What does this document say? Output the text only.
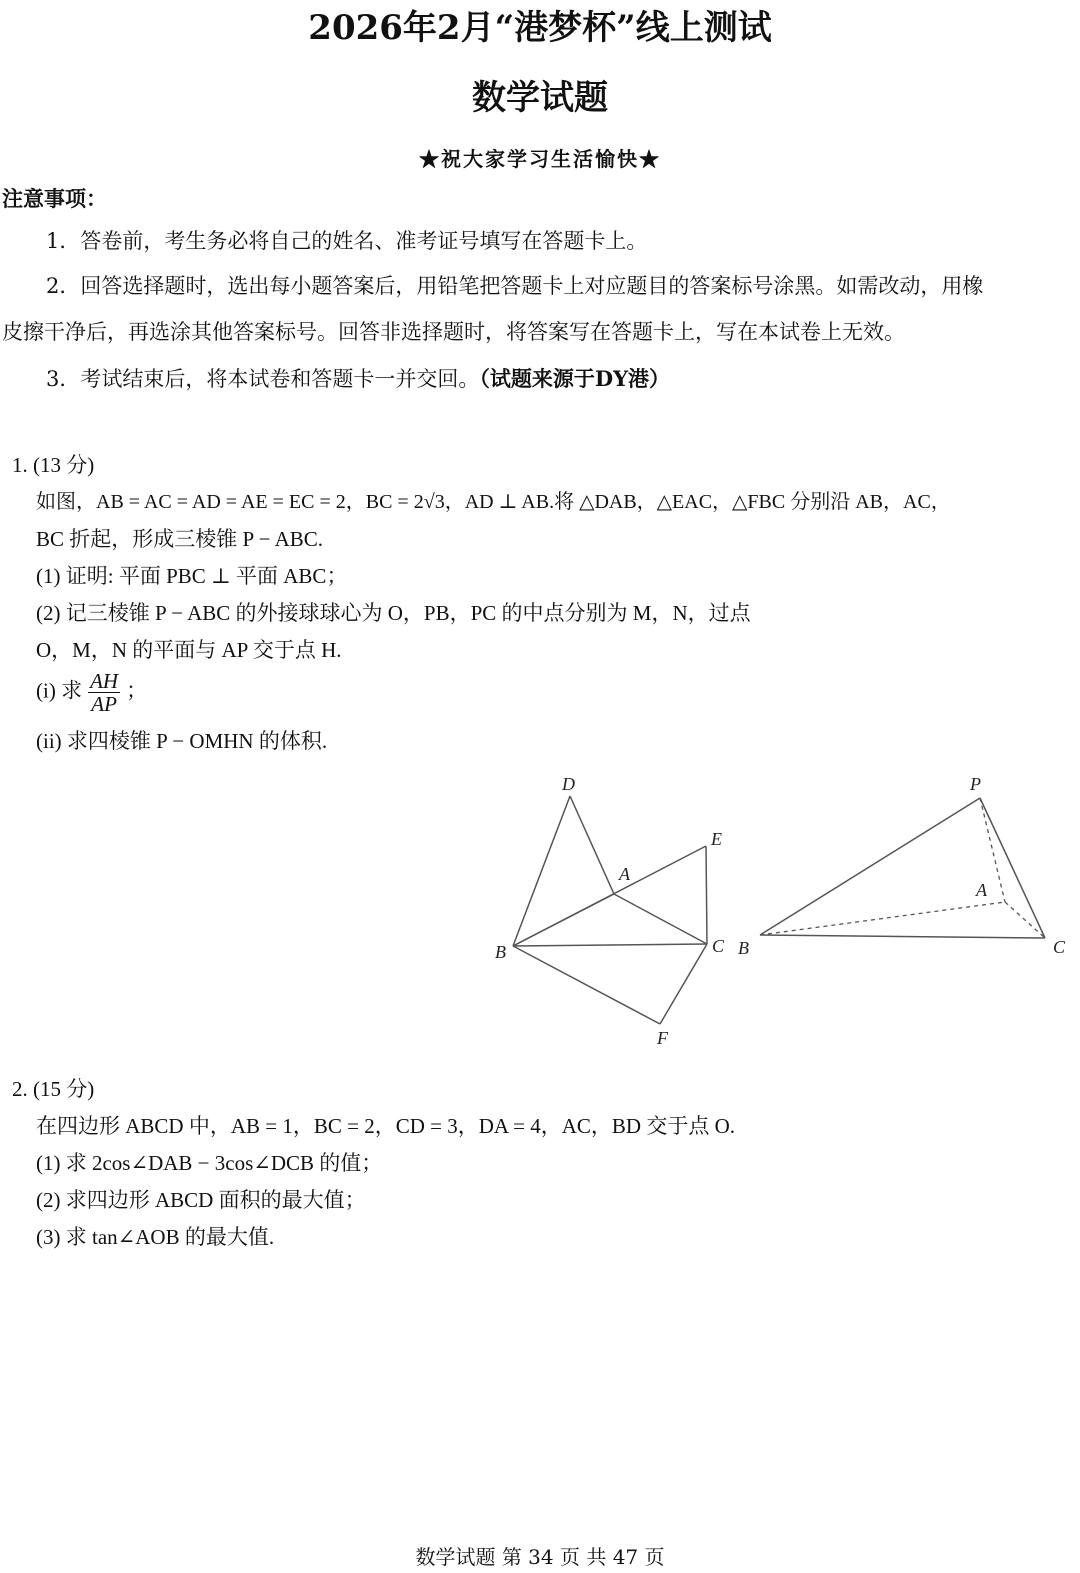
2026年2月“港梦杯”线上测试
数学试题
★祝大家学习生活愉快★
注意事项：
1．答卷前，考生务必将自己的姓名、准考证号填写在答题卡上。
2．回答选择题时，选出每小题答案后，用铅笔把答题卡上对应题目的答案标号涂黑。如需改动，用橡
皮擦干净后，再选涂其他答案标号。回答非选择题时，将答案写在答题卡上，写在本试卷上无效。
3．考试结束后，将本试卷和答题卡一并交回。（试题来源于DY港）
1. (13 分)
如图，AB = AC = AD = AE = EC = 2，BC = 2√3，AD ⊥ AB.将 △DAB，△EAC，△FBC 分别沿 AB，AC，
BC 折起，形成三棱锥 P − ABC.
(1) 证明: 平面 PBC ⊥ 平面 ABC；
(2) 记三棱锥 P − ABC 的外接球球心为 O，PB，PC 的中点分别为 M，N，过点
O，M，N 的平面与 AP 交于点 H.
(i) 求 $\frac{AH}{AP}$ ；
(ii) 求四棱锥 P − OMHN 的体积.
D
E
A
B	C
F
P
A
B	C
2. (15 分)
在四边形 ABCD 中，AB = 1，BC = 2，CD = 3，DA = 4，AC，BD 交于点 O.
(1) 求 2cos∠DAB − 3cos∠DCB 的值；
(2) 求四边形 ABCD 面积的最大值；
(3) 求 tan∠AOB 的最大值.
数学试题 第 34 页 共 47 页
